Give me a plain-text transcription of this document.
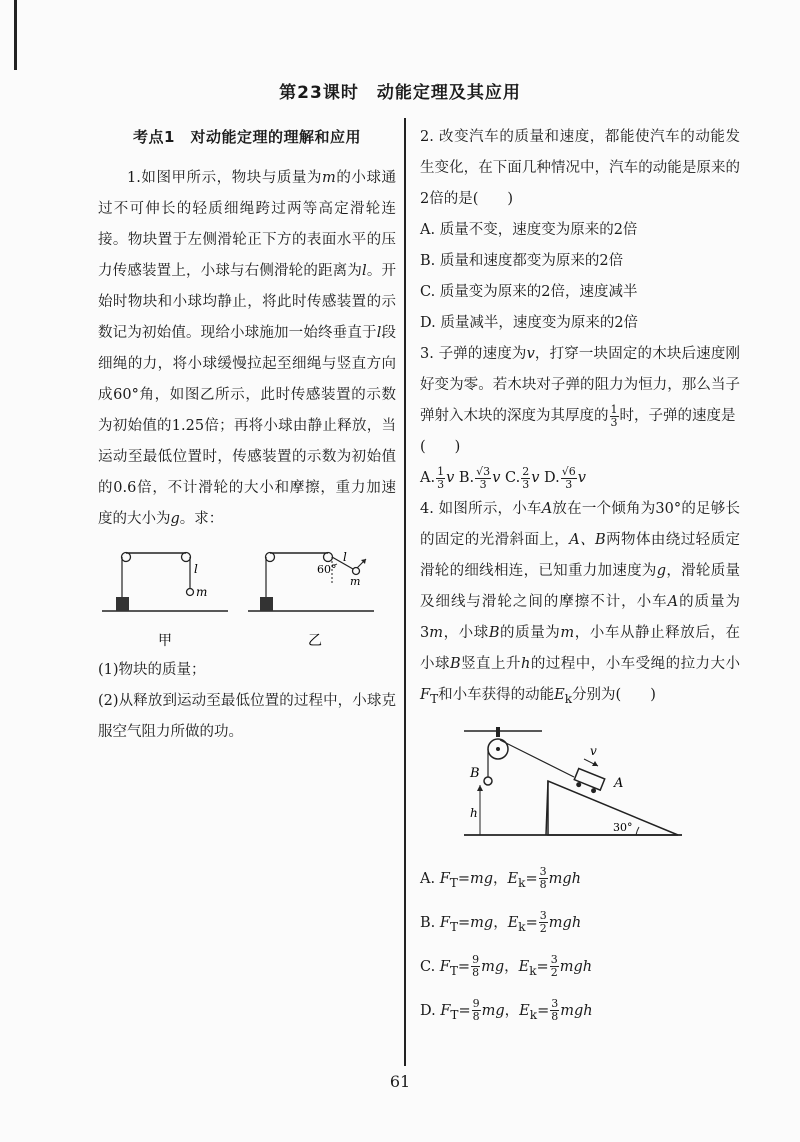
第23课时　动能定理及其应用
考点1　对动能定理的理解和应用

1.如图甲所示，物块与质量为m的小球通过不可伸长的轻质细绳跨过两等高定滑轮连接。物块置于左侧滑轮正下方的表面水平的压力传感装置上，小球与右侧滑轮的距离为l。开始时物块和小球均静止，将此时传感装置的示数记为初始值。现给小球施加一始终垂直于l段细绳的力，将小球缓慢拉起至细绳与竖直方向成60°角，如图乙所示，此时传感装置的示数为初始值的1.25倍；再将小球由静止释放，当运动至最低位置时，传感装置的示数为初始值的0.6倍，不计滑轮的大小和摩擦，重力加速度的大小为g。求：

l
m
甲
60°
l
m
乙

(1)物块的质量；

(2)从释放到运动至最低位置的过程中，小球克服空气阻力所做的功。

2. 改变汽车的质量和速度，都能使汽车的动能发生变化，在下面几种情况中，汽车的动能是原来的2倍的是(　　)

A. 质量不变，速度变为原来的2倍

B. 质量和速度都变为原来的2倍

C. 质量变为原来的2倍，速度减半

D. 质量减半，速度变为原来的2倍

3. 子弹的速度为v，打穿一块固定的木块后速度刚好变为零。若木块对子弹的阻力为恒力，那么当子弹射入木块的深度为其厚度的 $\frac{1}{3}$ 时，子弹的速度是

(　　)

A. $\frac{1}{3}$ v B. $\frac{√3}{3}$ v C. $\frac{2}{3}$ v D. $\frac{√6}{3}$ v

4. 如图所示，小车A放在一个倾角为30°的足够长的固定的光滑斜面上，A、B两物体由绕过轻质定滑轮的细线相连，已知重力加速度为g，滑轮质量及细线与滑轮之间的摩擦不计，小车A的质量为3m，小球B的质量为m，小车从静止释放后，在小球B竖直上升h的过程中，小车受绳的拉力大小$F_T$和小车获得的动能$E_k$分别为(　　)

v
A
B
h
30°

A. $F_T=mg$，$E_k= \frac{3}{8}$ mgh

B. $F_T=mg$，$E_k= \frac{3}{2}$ mgh

C. $F_T= \frac{9}{8}$ mg，$E_k= \frac{3}{2}$ mgh

D. $F_T= \frac{9}{8}$ mg，$E_k= \frac{3}{8}$ mgh

61
